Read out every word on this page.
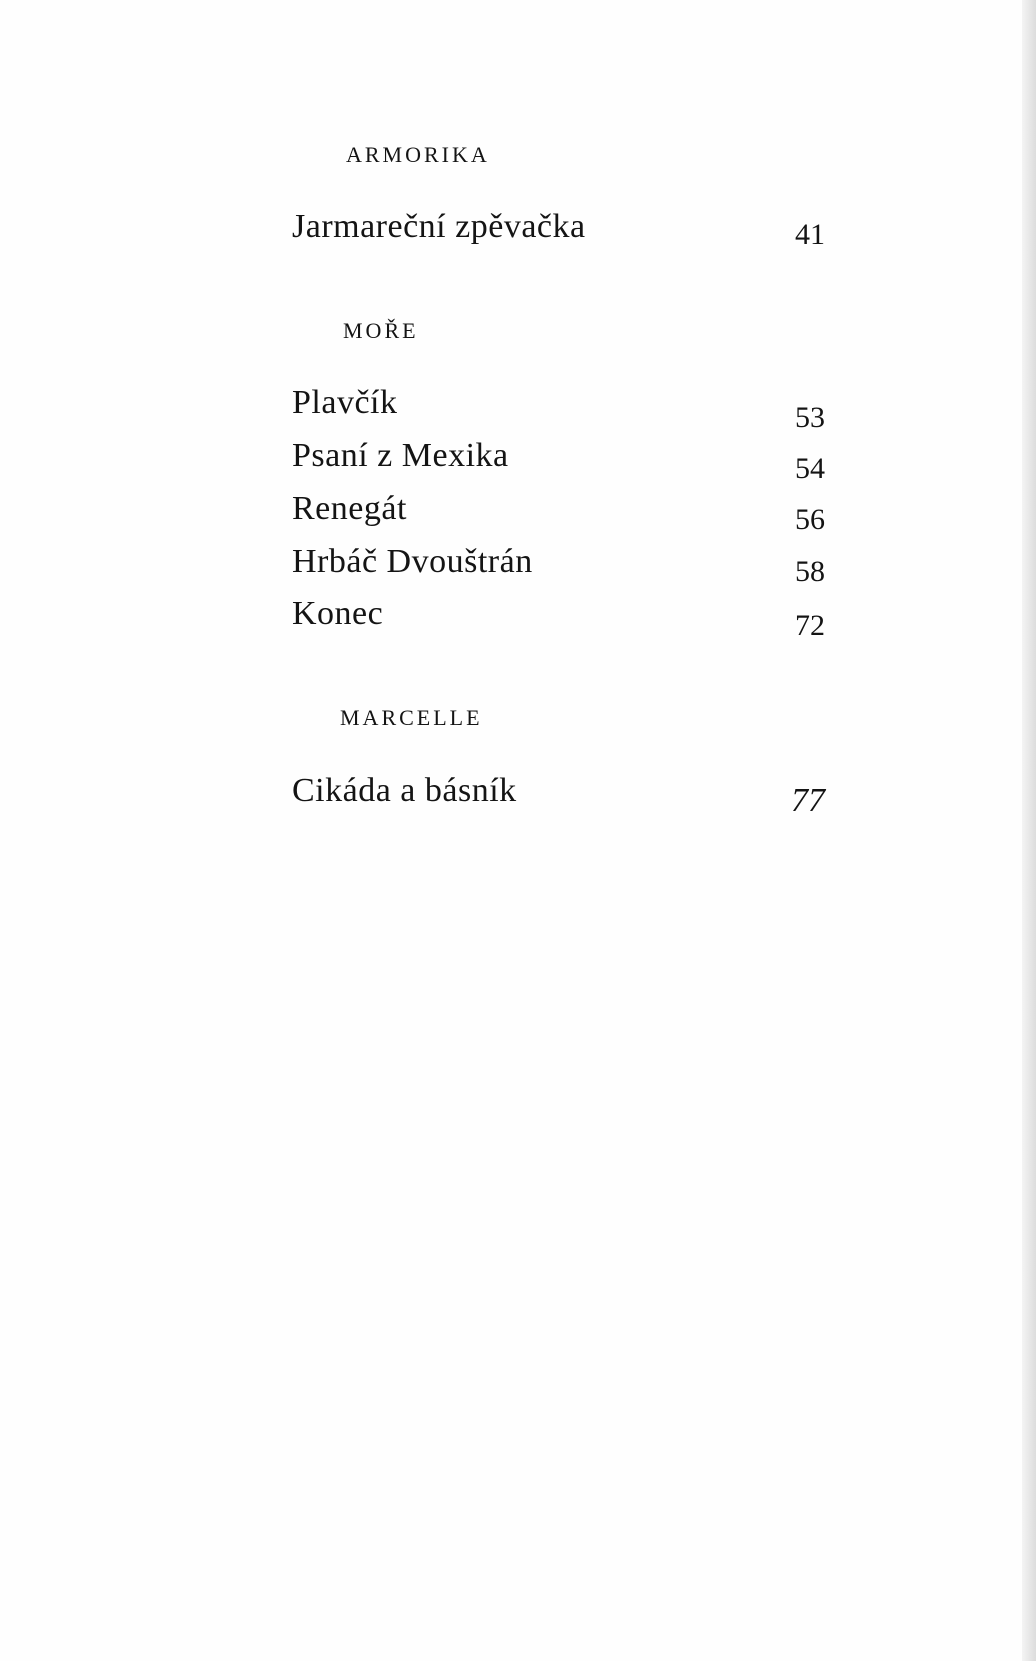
ARMORIKA
Jarmareční zpěvačka	41
MOŘE
Plavčík	53
Psaní z Mexika	54
Renegát	56
Hrbáč Dvouštrán	58
Konec	72
MARCELLE
Cikáda a básník	77
